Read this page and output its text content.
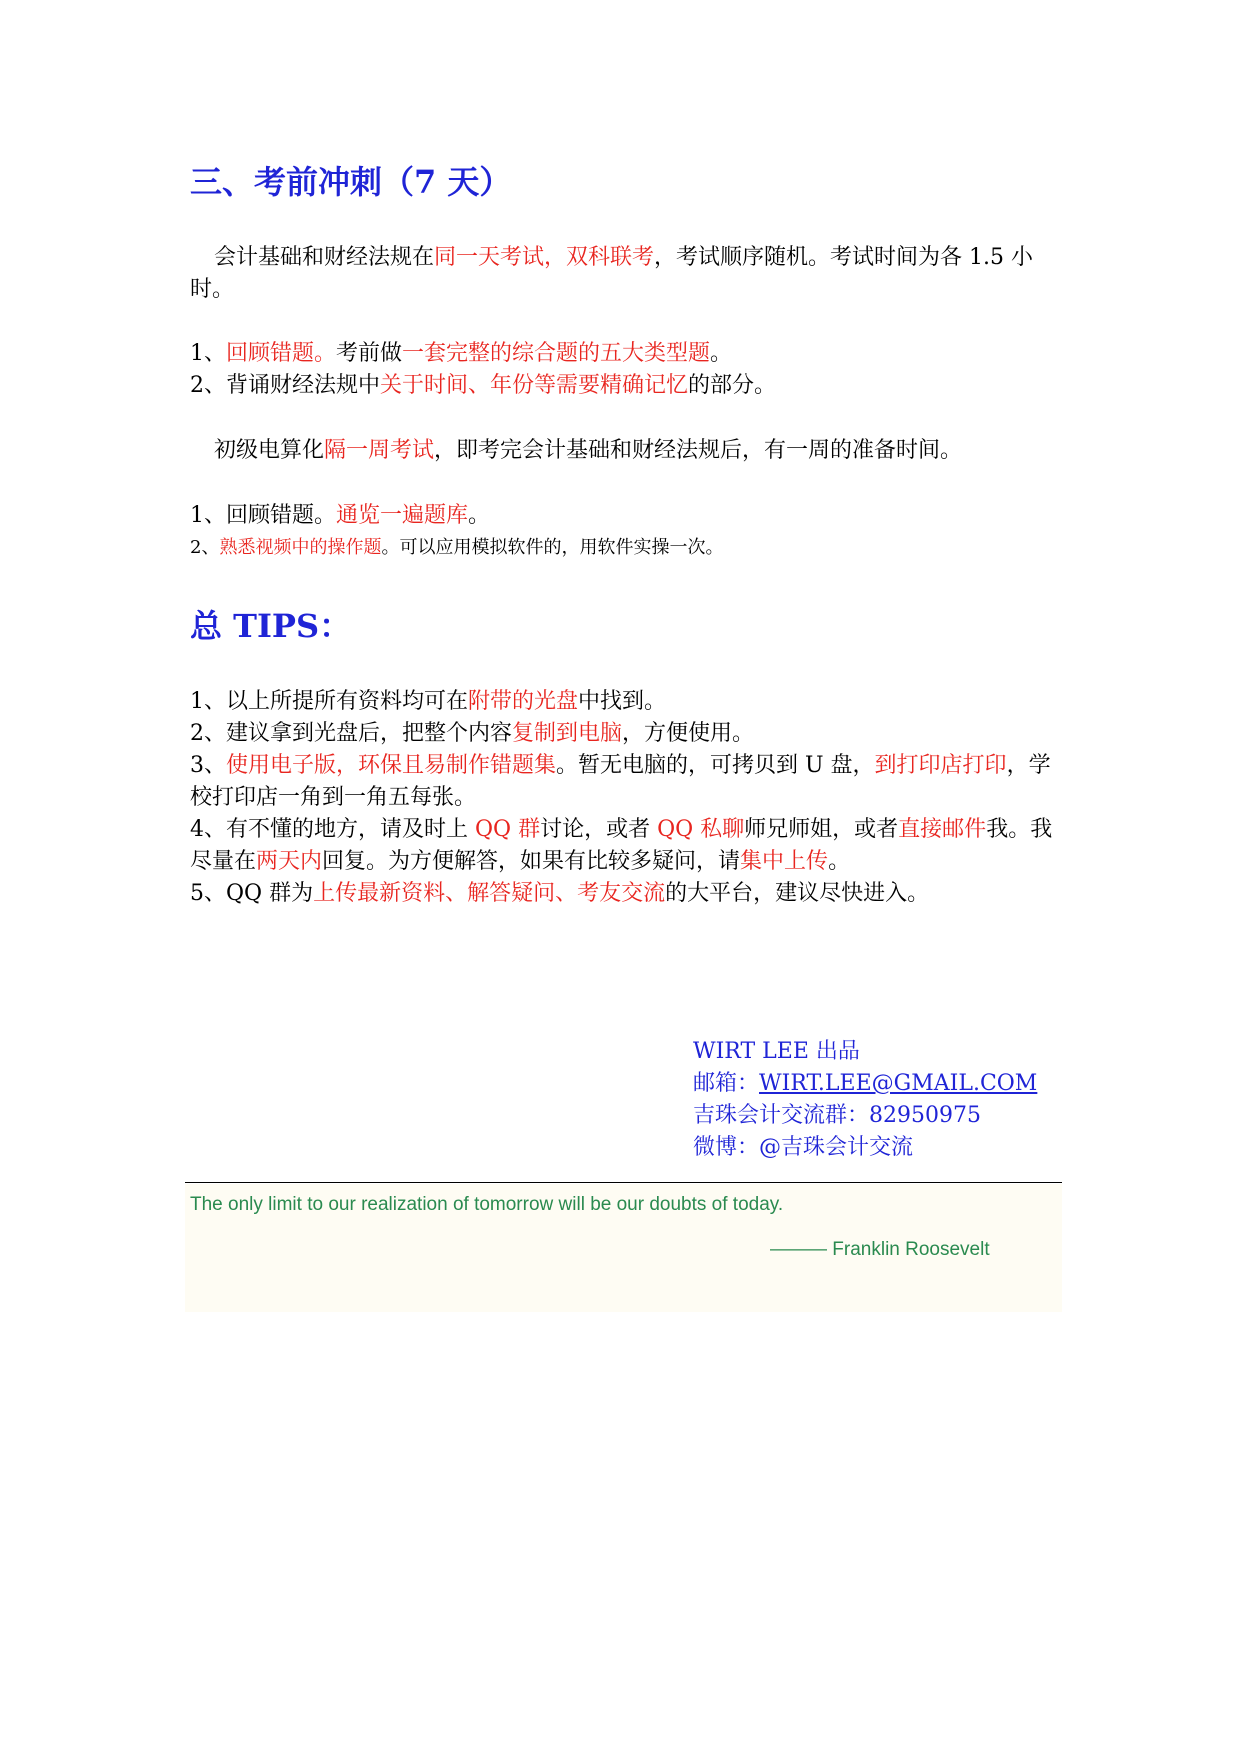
三、考前冲刺（7 天）

会计基础和财经法规在同一天考试，双科联考，考试顺序随机。考试时间为各 1.5 小时。

1、回顾错题。考前做一套完整的综合题的五大类型题。

2、背诵财经法规中关于时间、年份等需要精确记忆的部分。

初级电算化隔一周考试，即考完会计基础和财经法规后，有一周的准备时间。

1、回顾错题。通览一遍题库。

2、熟悉视频中的操作题。可以应用模拟软件的，用软件实操一次。

总 TIPS：

1、以上所提所有资料均可在附带的光盘中找到。

2、建议拿到光盘后，把整个内容复制到电脑，方便使用。

3、使用电子版，环保且易制作错题集。暂无电脑的，可拷贝到 U 盘，到打印店打印，学校打印店一角到一角五每张。

4、有不懂的地方，请及时上 QQ 群讨论，或者 QQ 私聊师兄师姐，或者直接邮件我。我尽量在两天内回复。为方便解答，如果有比较多疑问，请集中上传。

5、QQ 群为上传最新资料、解答疑问、考友交流的大平台，建议尽快进入。

WIRT LEE 出品
邮箱：WIRT.LEE@GMAIL.COM
吉珠会计交流群：82950975
微博：@吉珠会计交流

The only limit to our realization of tomorrow will be our doubts of today.

——— Franklin Roosevelt
